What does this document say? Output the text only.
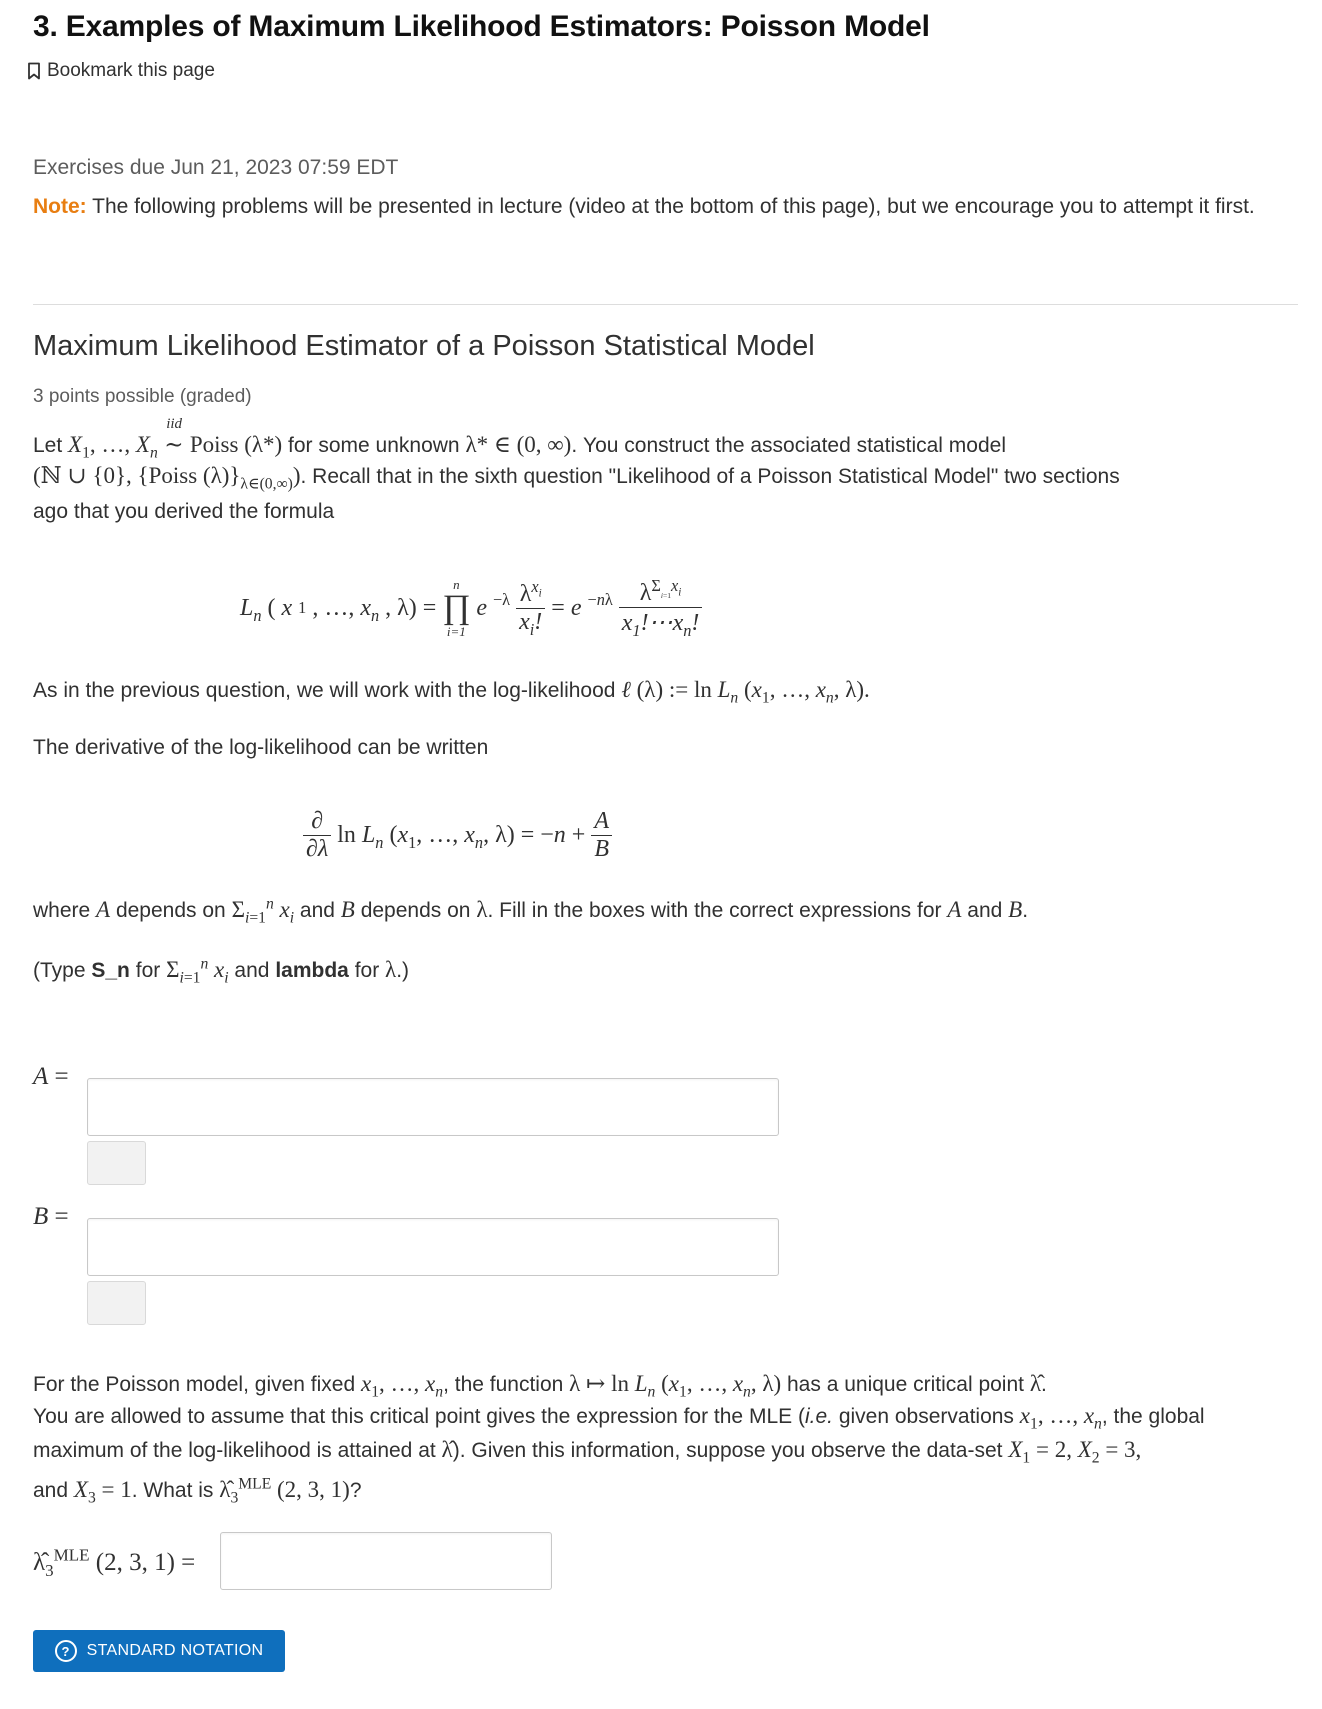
3. Examples of Maximum Likelihood Estimators: Poisson Model
Bookmark this page
Exercises due Jun 21, 2023 07:59 EDT
Note: The following problems will be presented in lecture (video at the bottom of this page), but we encourage you to attempt it first.
Maximum Likelihood Estimator of a Poisson Statistical Model
3 points possible (graded)
Let $X_1$, …, $X_n$
iid
∼ Poiss (λ*) for some unknown λ* ∈ (0, ∞). You construct the associated statistical model
(ℕ ∪ {0}, {Poiss $(\lambda)\}_{\lambda\in(0,\infty)}$). Recall that in the sixth question "Likelihood of a Poisson Statistical Model" two sections
ago that you derived the formula
$L_n$ ( x 1 , …, $x_n$ , λ) =
n
∏
i=1
e $^{-\lambda} \frac{\lambda^{x_i}}{x_i!} = e$ $^{-n\lambda} \frac{\lambda^{\Sigma_{_{i=1}}x_i}}{x_1!\cdots x_n!}$
As in the previous question, we will work with the log-likelihood ℓ (λ) := $\ln L_n$ ($x_1$, …, $x_n$, λ).
The derivative of the log-likelihood can be written
$\frac{\partial}{\partial\lambda}$ $\ln L_n$ ($x_1$, …, $x_n$, $\lambda) = -n + \frac{A}{B}$
where A depends on $\Sigma_{i=1}^n$ $x_i$ and B depends on λ. Fill in the boxes with the correct expressions for A and B.
(Type S_n for $\Sigma_{i=1}^n$ $x_i$ and lambda for λ.)
A =
B =
For the Poisson model, given fixed $x_1$, …, $x_n$, the function λ ↦ $\ln L_n$ ($x_1$, …, $x_n$, λ) has a unique critical point λ̂.
You are allowed to assume that this critical point gives the expression for the MLE (i.e. given observations $x_1$, …, $x_n$, the global
maximum of the log-likelihood is attained at λ̂). Given this information, suppose you observe the data-set $X_1 = 2$, $X_2 = 3$,
and $X_3 = 1$. What is $\lambdâ_3^{MLE}$ (2, 3, 1)?
$\lambdâ_3^{MLE}$ (2, 3, 1) =
?	STANDARD NOTATION
